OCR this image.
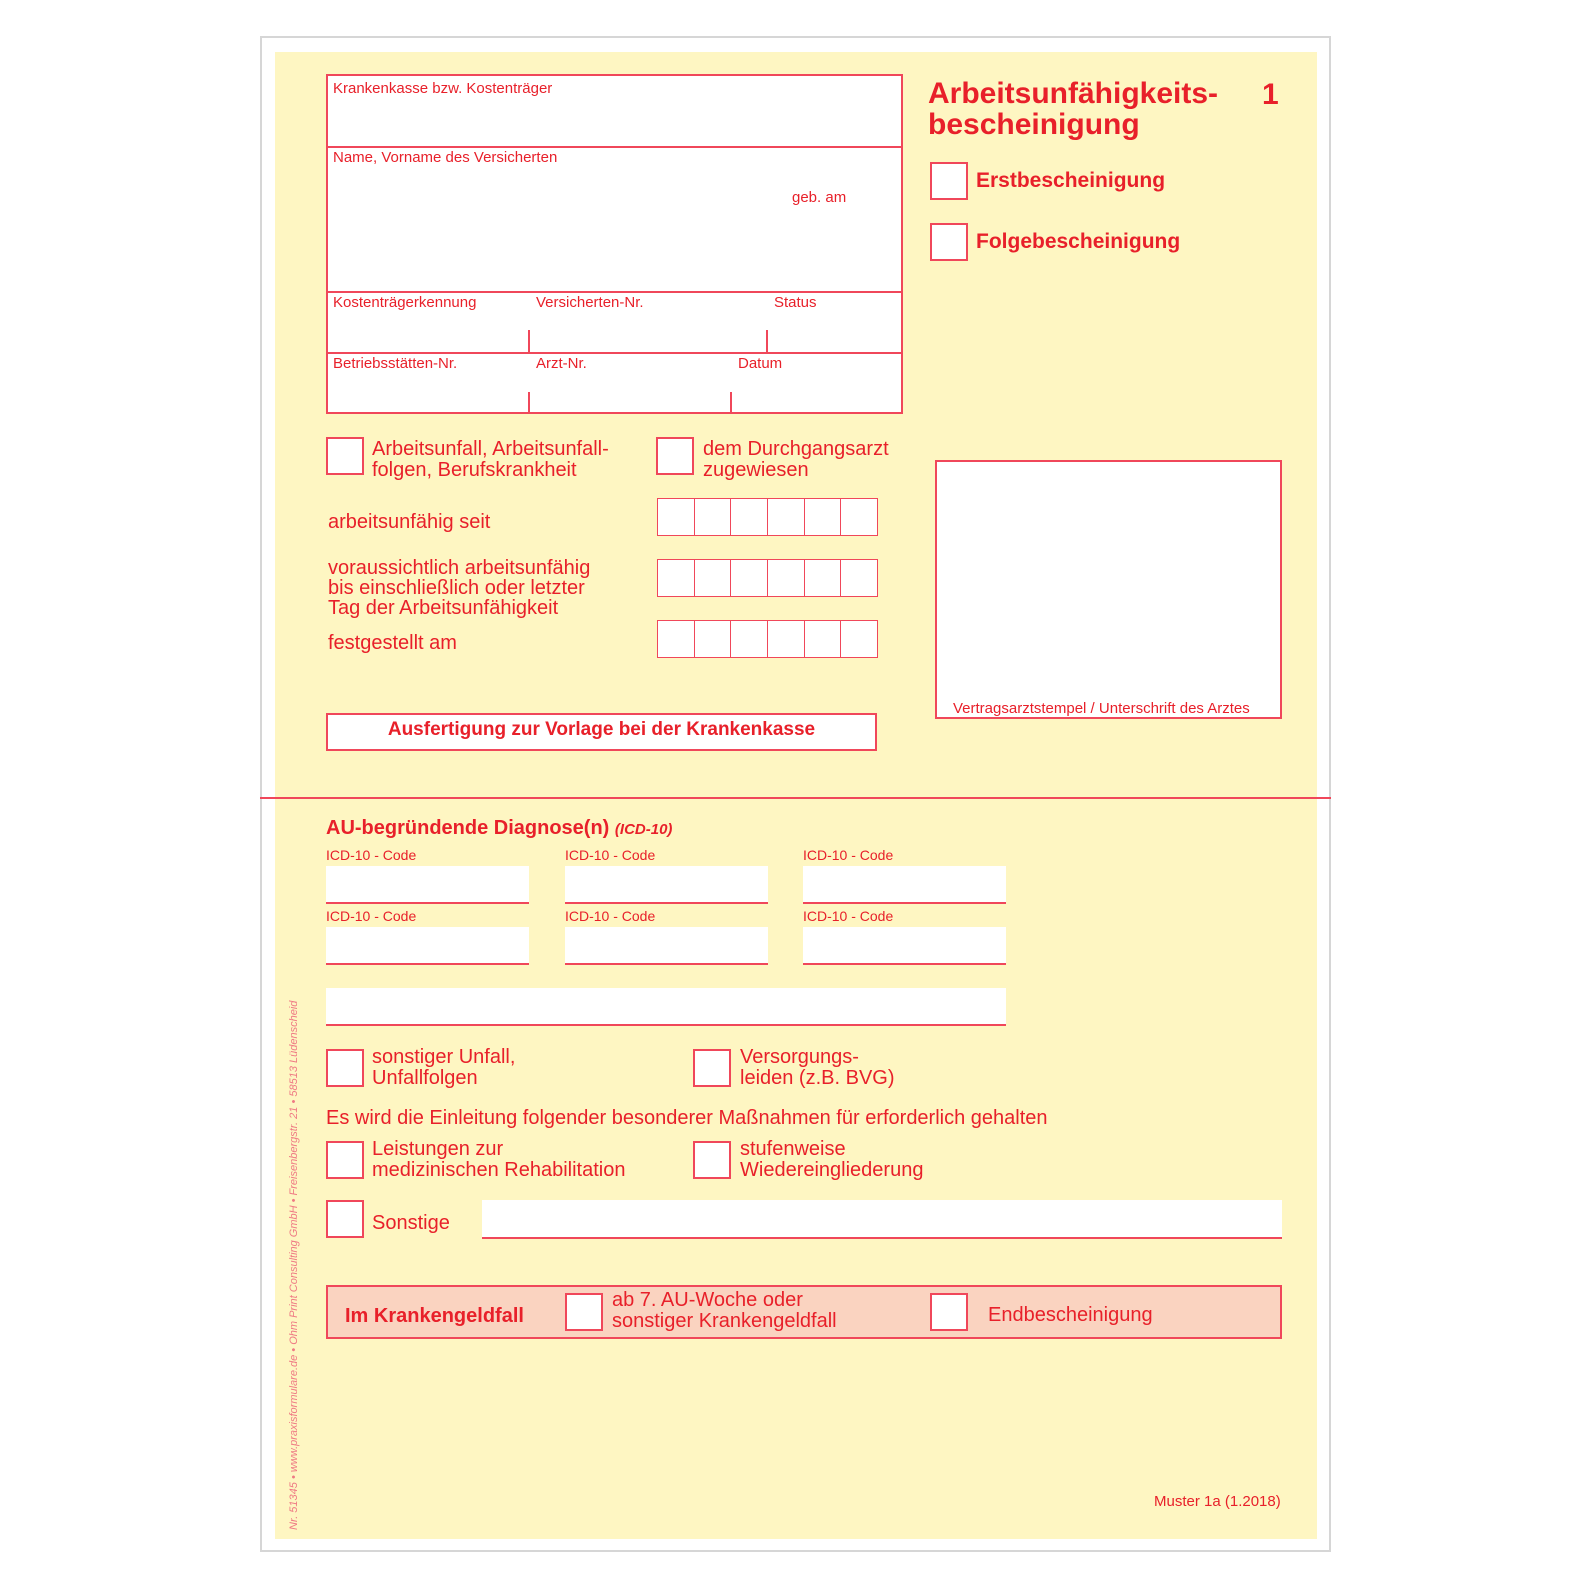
Arbeitsunfähigkeits-
bescheinigung
1
Erstbescheinigung
Folgebescheinigung
Krankenkasse bzw. Kostenträger
Name, Vorname des Versicherten
geb. am
Kostenträgerkennung	Versicherten-Nr.	Status
Betriebsstätten-Nr.	Arzt-Nr.	Datum
Arbeitsunfall, Arbeitsunfall-
folgen, Berufskrankheit
dem Durchgangsarzt
zugewiesen
arbeitsunfähig seit
voraussichtlich arbeitsunfähig
bis einschließlich oder letzter
Tag der Arbeitsunfähigkeit
festgestellt am
Vertragsarztstempel / Unterschrift des Arztes
Ausfertigung zur Vorlage bei der Krankenkasse
AU-begründende Diagnose(n) (ICD-10)
ICD-10 - Code	ICD-10 - Code	ICD-10 - Code
ICD-10 - Code	ICD-10 - Code	ICD-10 - Code
sonstiger Unfall,
Unfallfolgen
Versorgungs-
leiden (z.B. BVG)
Es wird die Einleitung folgender besonderer Maßnahmen für erforderlich gehalten
Leistungen zur
medizinischen Rehabilitation
stufenweise
Wiedereingliederung
Sonstige
Im Krankengeldfall
ab 7. AU-Woche oder
sonstiger Krankengeldfall	Endbescheinigung
Muster 1a (1.2018)
Nr. 51345 • www.praxisformulare.de • Ohm Print Consulting GmbH • Freisenbergstr. 21 • 58513 Lüdenscheid
